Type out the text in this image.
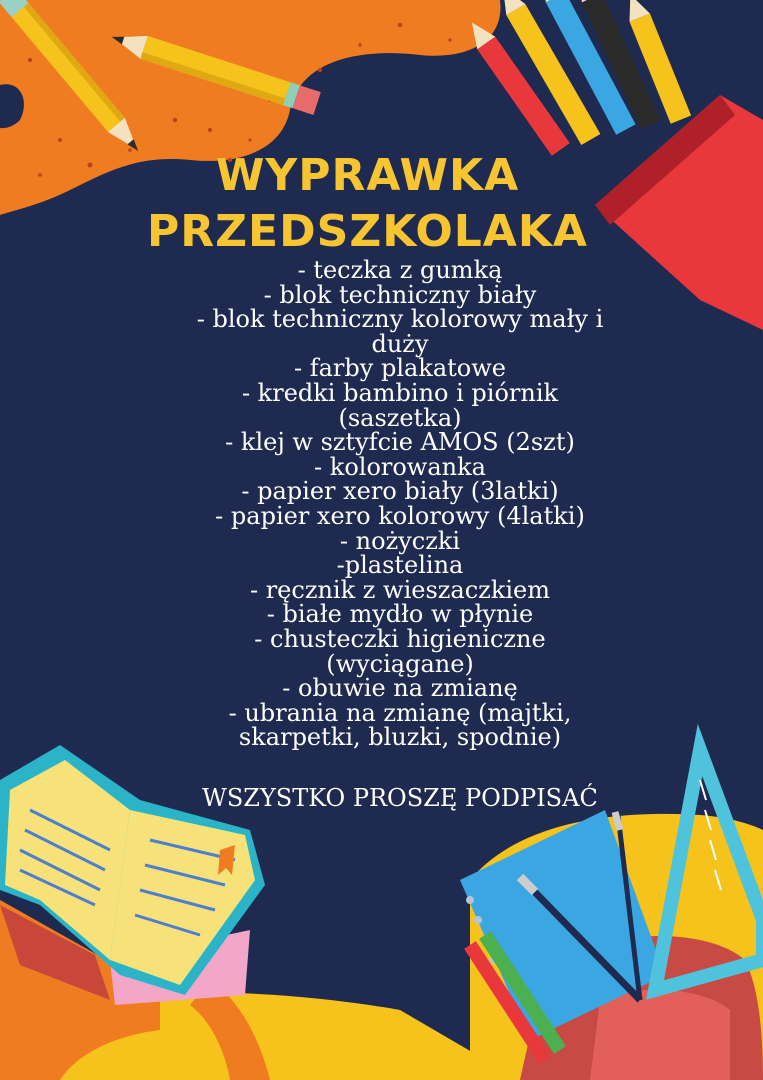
WYPRAWKA
PRZEDSZKOLAKA
- teczka z gumką
- blok techniczny biały
- blok techniczny kolorowy mały i
duży
- farby plakatowe
- kredki bambino i piórnik
(saszetka)
- klej w sztyfcie AMOS (2szt)
- kolorowanka
- papier xero biały (3latki)
- papier xero kolorowy (4latki)
- nożyczki
-plastelina
- ręcznik z wieszaczkiem
- białe mydło w płynie
- chusteczki higieniczne
(wyciągane)
- obuwie na zmianę
- ubrania na zmianę (majtki,
skarpetki, bluzki, spodnie)

WSZYSTKO PROSZĘ PODPISAĆ
